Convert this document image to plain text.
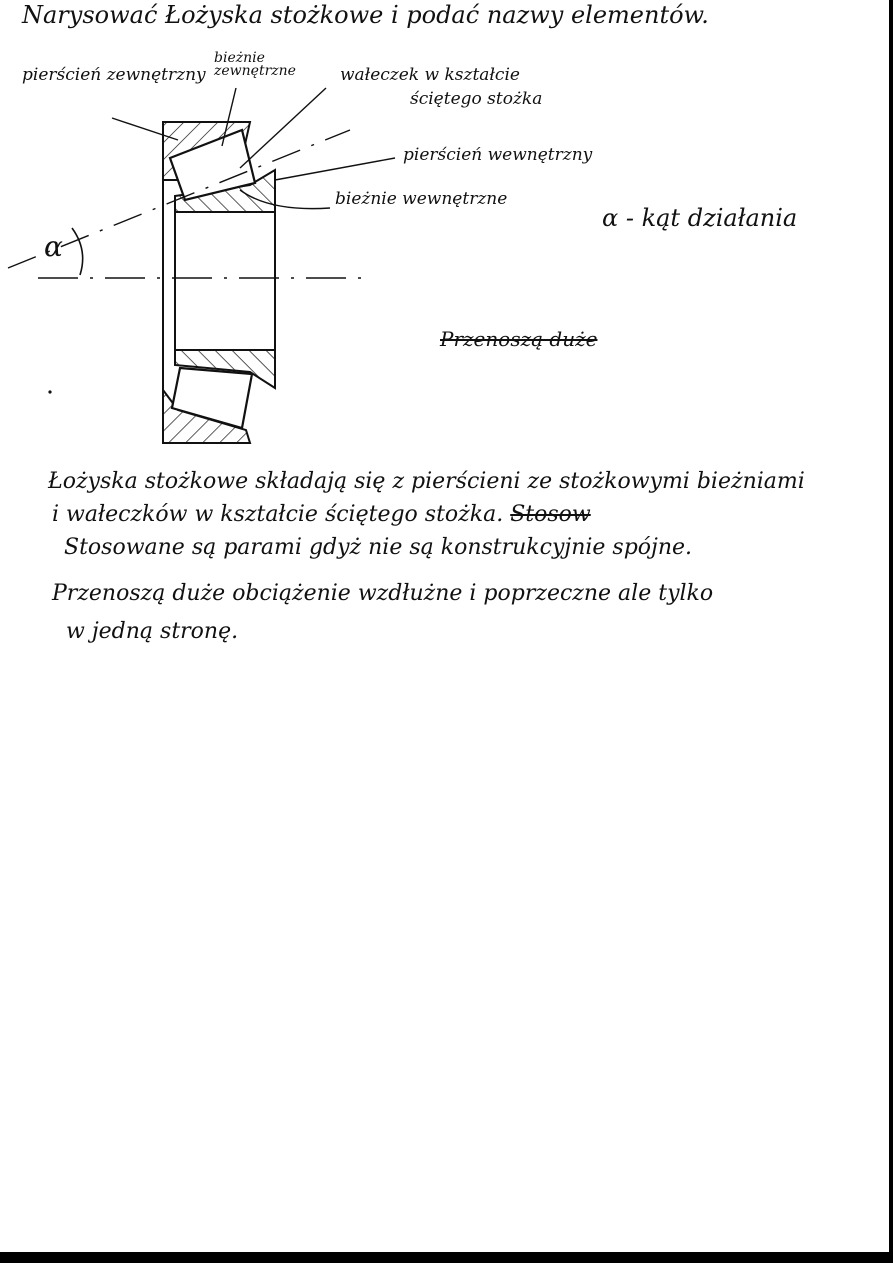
Narysować Łożyska stożkowe i podać nazwy elementów.

pierścień zewnętrzny

bieżnie zewnętrzne	wałeczek w kształcie

ściętego stożka

pierścień wewnętrzny

bieżnie wewnętrzne

α - kąt działania

α

Przenoszą duże

Łożyska stożkowe składają się z pierścieni ze stożkowymi bieżniami

i wałeczków w kształcie ściętego stożka. Stosow

Stosowane są parami gdyż nie są konstrukcyjnie spójne.

Przenoszą duże obciążenie wzdłużne i poprzeczne ale tylko

w jedną stronę.
